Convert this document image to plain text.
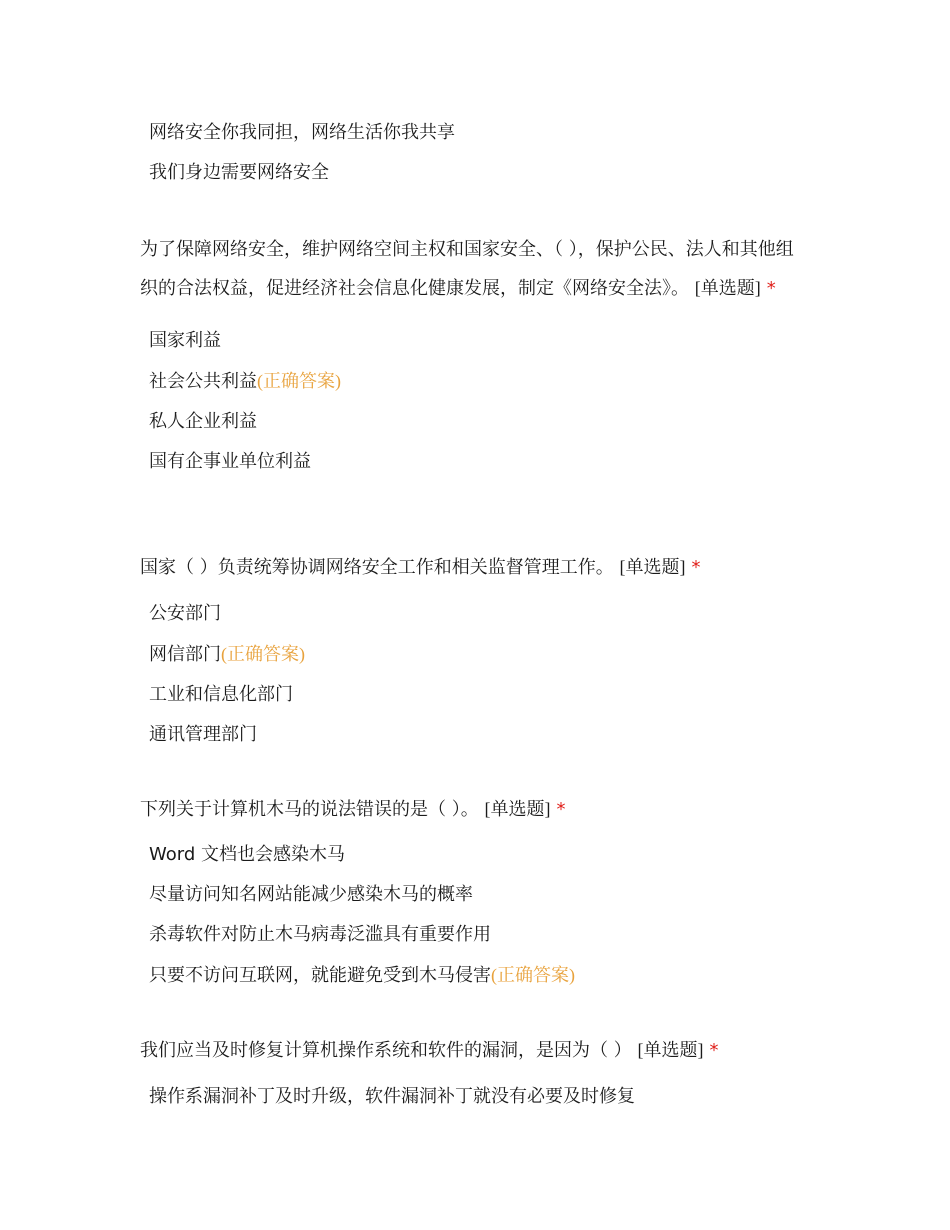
网络安全你我同担，网络生活你我共享
我们身边需要网络安全

为了保障网络安全，维护网络空间主权和国家安全、（ ），保护公民、法人和其他组织的合法权益，促进经济社会信息化健康发展，制定《网络安全法》。 [单选题] *

国家利益
社会公共利益(正确答案)
私人企业利益
国有企事业单位利益

国家（ ）负责统筹协调网络安全工作和相关监督管理工作。 [单选题] *

公安部门
网信部门(正确答案)
工业和信息化部门
通讯管理部门

下列关于计算机木马的说法错误的是（ ）。 [单选题] *

Word 文档也会感染木马
尽量访问知名网站能减少感染木马的概率
杀毒软件对防止木马病毒泛滥具有重要作用
只要不访问互联网，就能避免受到木马侵害(正确答案)

我们应当及时修复计算机操作系统和软件的漏洞，是因为（ ） [单选题] *

操作系漏洞补丁及时升级，软件漏洞补丁就没有必要及时修复
